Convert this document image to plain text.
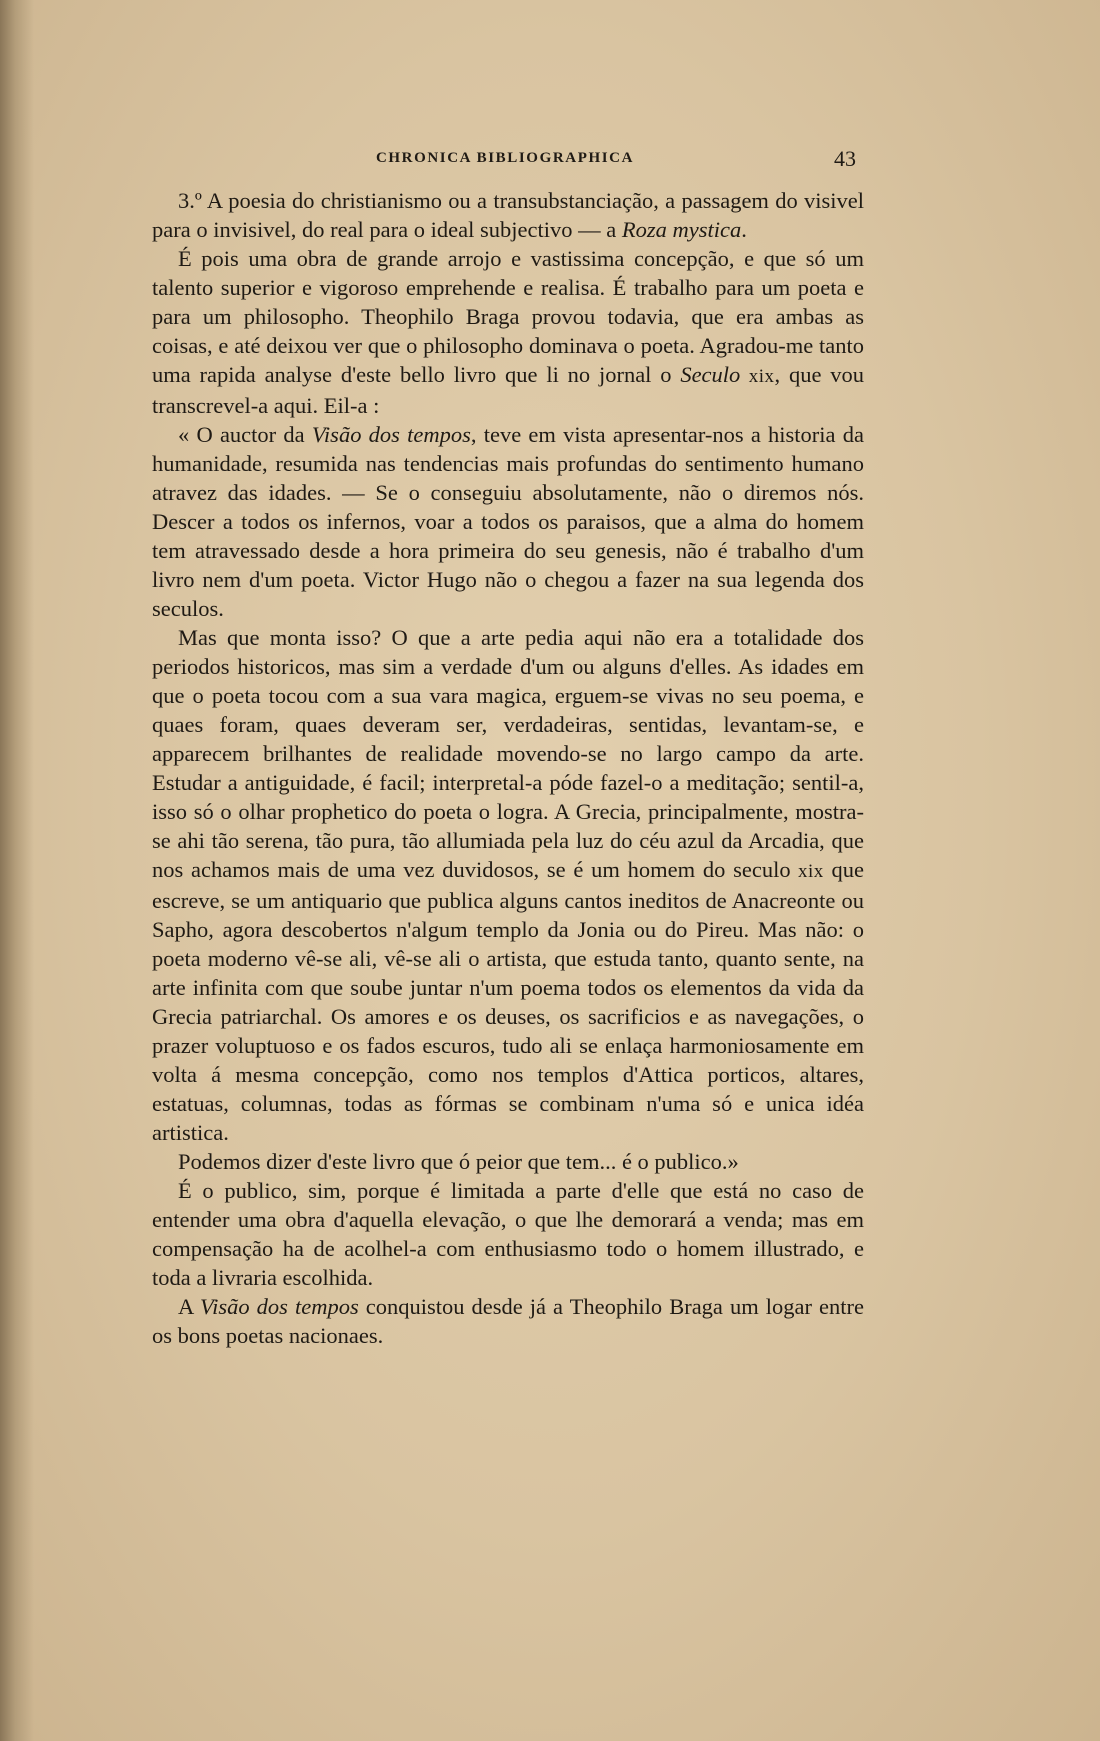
CHRONICA BIBLIOGRAPHICA	43

3.º A poesia do christianismo ou a transubstanciação, a passagem do visivel para o invisivel, do real para o ideal subjectivo — a Roza mystica.

É pois uma obra de grande arrojo e vastissima concepção, e que só um talento superior e vigoroso emprehende e realisa. É trabalho para um poeta e para um philosopho. Theophilo Braga provou todavia, que era ambas as coisas, e até deixou ver que o philosopho dominava o poeta. Agradou-me tanto uma rapida analyse d'este bello livro que li no jornal o Seculo xix, que vou transcrevel-a aqui. Eil-a :

« O auctor da Visão dos tempos, teve em vista apresentar-nos a historia da humanidade, resumida nas tendencias mais profundas do sentimento humano atravez das idades. — Se o conseguiu absolutamente, não o diremos nós. Descer a todos os infernos, voar a todos os paraisos, que a alma do homem tem atravessado desde a hora primeira do seu genesis, não é trabalho d'um livro nem d'um poeta. Victor Hugo não o chegou a fazer na sua legenda dos seculos.

Mas que monta isso? O que a arte pedia aqui não era a totalidade dos periodos historicos, mas sim a verdade d'um ou alguns d'elles. As idades em que o poeta tocou com a sua vara magica, erguem-se vivas no seu poema, e quaes foram, quaes deveram ser, verdadeiras, sentidas, levantam-se, e apparecem brilhantes de realidade movendo-se no largo campo da arte. Estudar a antiguidade, é facil; interpretal-a póde fazel-o a meditação; sentil-a, isso só o olhar prophetico do poeta o logra. A Grecia, principalmente, mostra-se ahi tão serena, tão pura, tão allumiada pela luz do céu azul da Arcadia, que nos achamos mais de uma vez duvidosos, se é um homem do seculo xix que escreve, se um antiquario que publica alguns cantos ineditos de Anacreonte ou Sapho, agora descobertos n'algum templo da Jonia ou do Pireu. Mas não: o poeta moderno vê-se ali, vê-se ali o artista, que estuda tanto, quanto sente, na arte infinita com que soube juntar n'um poema todos os elementos da vida da Grecia patriarchal. Os amores e os deuses, os sacrificios e as navegações, o prazer voluptuoso e os fados escuros, tudo ali se enlaça harmoniosamente em volta á mesma concepção, como nos templos d'Attica porticos, altares, estatuas, columnas, todas as fórmas se combinam n'uma só e unica idéa artistica.

Podemos dizer d'este livro que ó peior que tem... é o publico.»

É o publico, sim, porque é limitada a parte d'elle que está no caso de entender uma obra d'aquella elevação, o que lhe demorará a venda; mas em compensação ha de acolhel-a com enthusiasmo todo o homem illustrado, e toda a livraria escolhida.

A Visão dos tempos conquistou desde já a Theophilo Braga um logar entre os bons poetas nacionaes.
